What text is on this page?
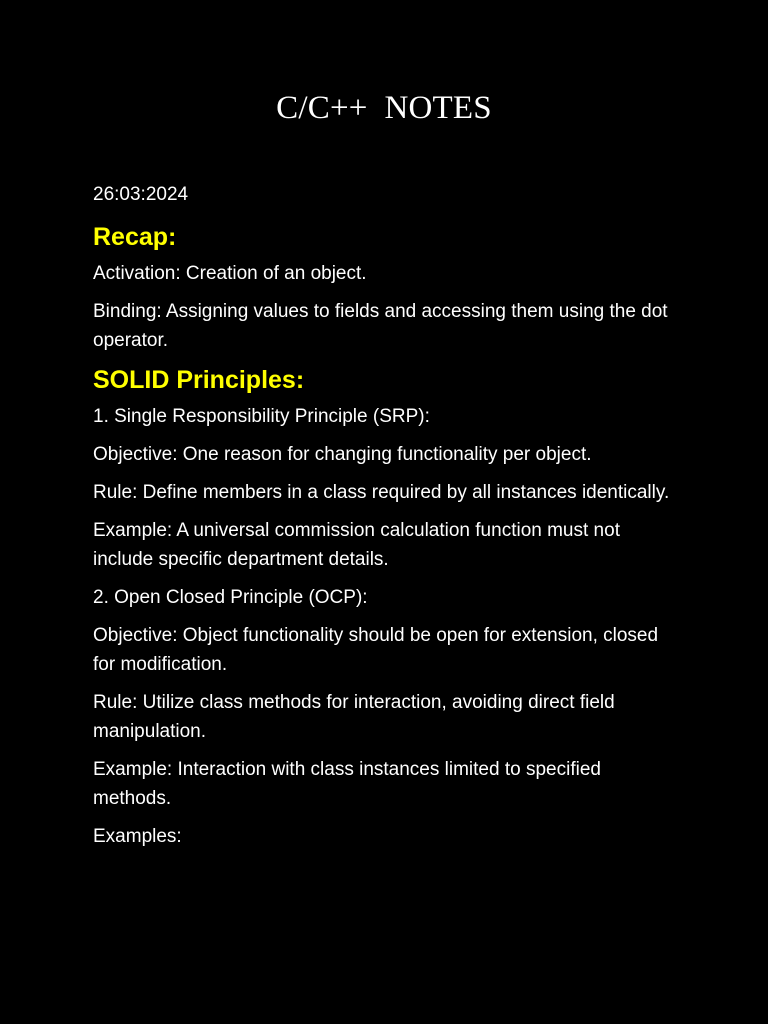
C/C++  NOTES
26:03:2024
Recap:
Activation: Creation of an object.
Binding: Assigning values to fields and accessing them using the dot operator.
SOLID Principles:
1. Single Responsibility Principle (SRP):
Objective: One reason for changing functionality per object.
Rule: Define members in a class required by all instances identically.
Example: A universal commission calculation function must not include specific department details.
2. Open Closed Principle (OCP):
Objective: Object functionality should be open for extension, closed for modification.
Rule: Utilize class methods for interaction, avoiding direct field manipulation.
Example: Interaction with class instances limited to specified methods.
Examples:
